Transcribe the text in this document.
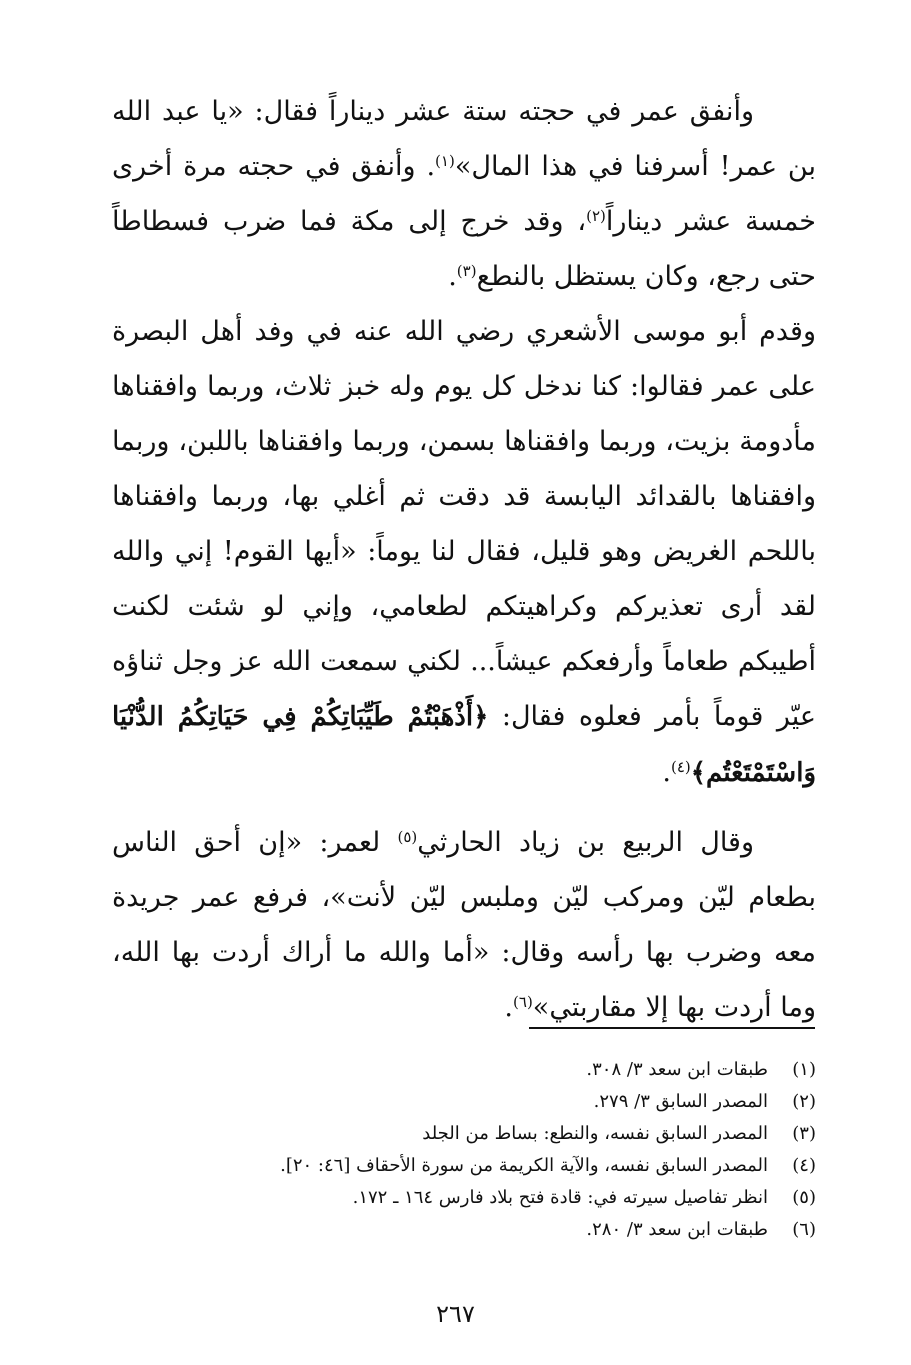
وأنفق عمر في حجته ستة عشر ديناراً فقال: «يا عبد الله بن عمر! أسرفنا في هذا المال»$^{(١)}$. وأنفق في حجته مرة أخرى خمسة عشر ديناراً$^{(٢)}$، وقد خرج إلى مكة فما ضرب فسطاطاً حتى رجع، وكان يستظل بالنطع$^{(٣)}$.

وقدم أبو موسى الأشعري رضي الله عنه في وفد أهل البصرة على عمر فقالوا: كنا ندخل كل يوم وله خبز ثلاث، وربما وافقناها مأدومة بزيت، وربما وافقناها بسمن، وربما وافقناها باللبن، وربما وافقناها بالقدائد اليابسة قد دقت ثم أغلي بها، وربما وافقناها باللحم الغريض وهو قليل، فقال لنا يوماً: «أيها القوم! إني والله لقد أرى تعذيركم وكراهيتكم لطعامي، وإني لو شئت لكنت أطيبكم طعاماً وأرفعكم عيشاً... لكني سمعت الله عز وجل ثناؤه عيّر قوماً بأمر فعلوه فقال: ﴿أَذْهَبْتُمْ طَيِّبَاتِكُمْ فِي حَيَاتِكُمُ الدُّنْيَا وَاسْتَمْتَعْتُم﴾$^{(٤)}$.

وقال الربيع بن زياد الحارثي$^{(٥)}$ لعمر: «إن أحق الناس بطعام ليّن ومركب ليّن وملبس ليّن لأنت»، فرفع عمر جريدة معه وضرب بها رأسه وقال: «أما والله ما أراك أردت بها الله، وما أردت بها إلا مقاربتي»$^{(٦)}$.

(١)
طبقات ابن سعد ٣/ ٣٠٨.
(٢)
المصدر السابق ٣/ ٢٧٩.
(٣)
المصدر السابق نفسه، والنطع: بساط من الجلد
(٤)
المصدر السابق نفسه، والآية الكريمة من سورة الأحقاف [٤٦: ٢٠].
(٥)
انظر تفاصيل سيرته في: قادة فتح بلاد فارس ١٦٤ ـ ١٧٢.
(٦)
طبقات ابن سعد ٣/ ٢٨٠.
٢٦٧
